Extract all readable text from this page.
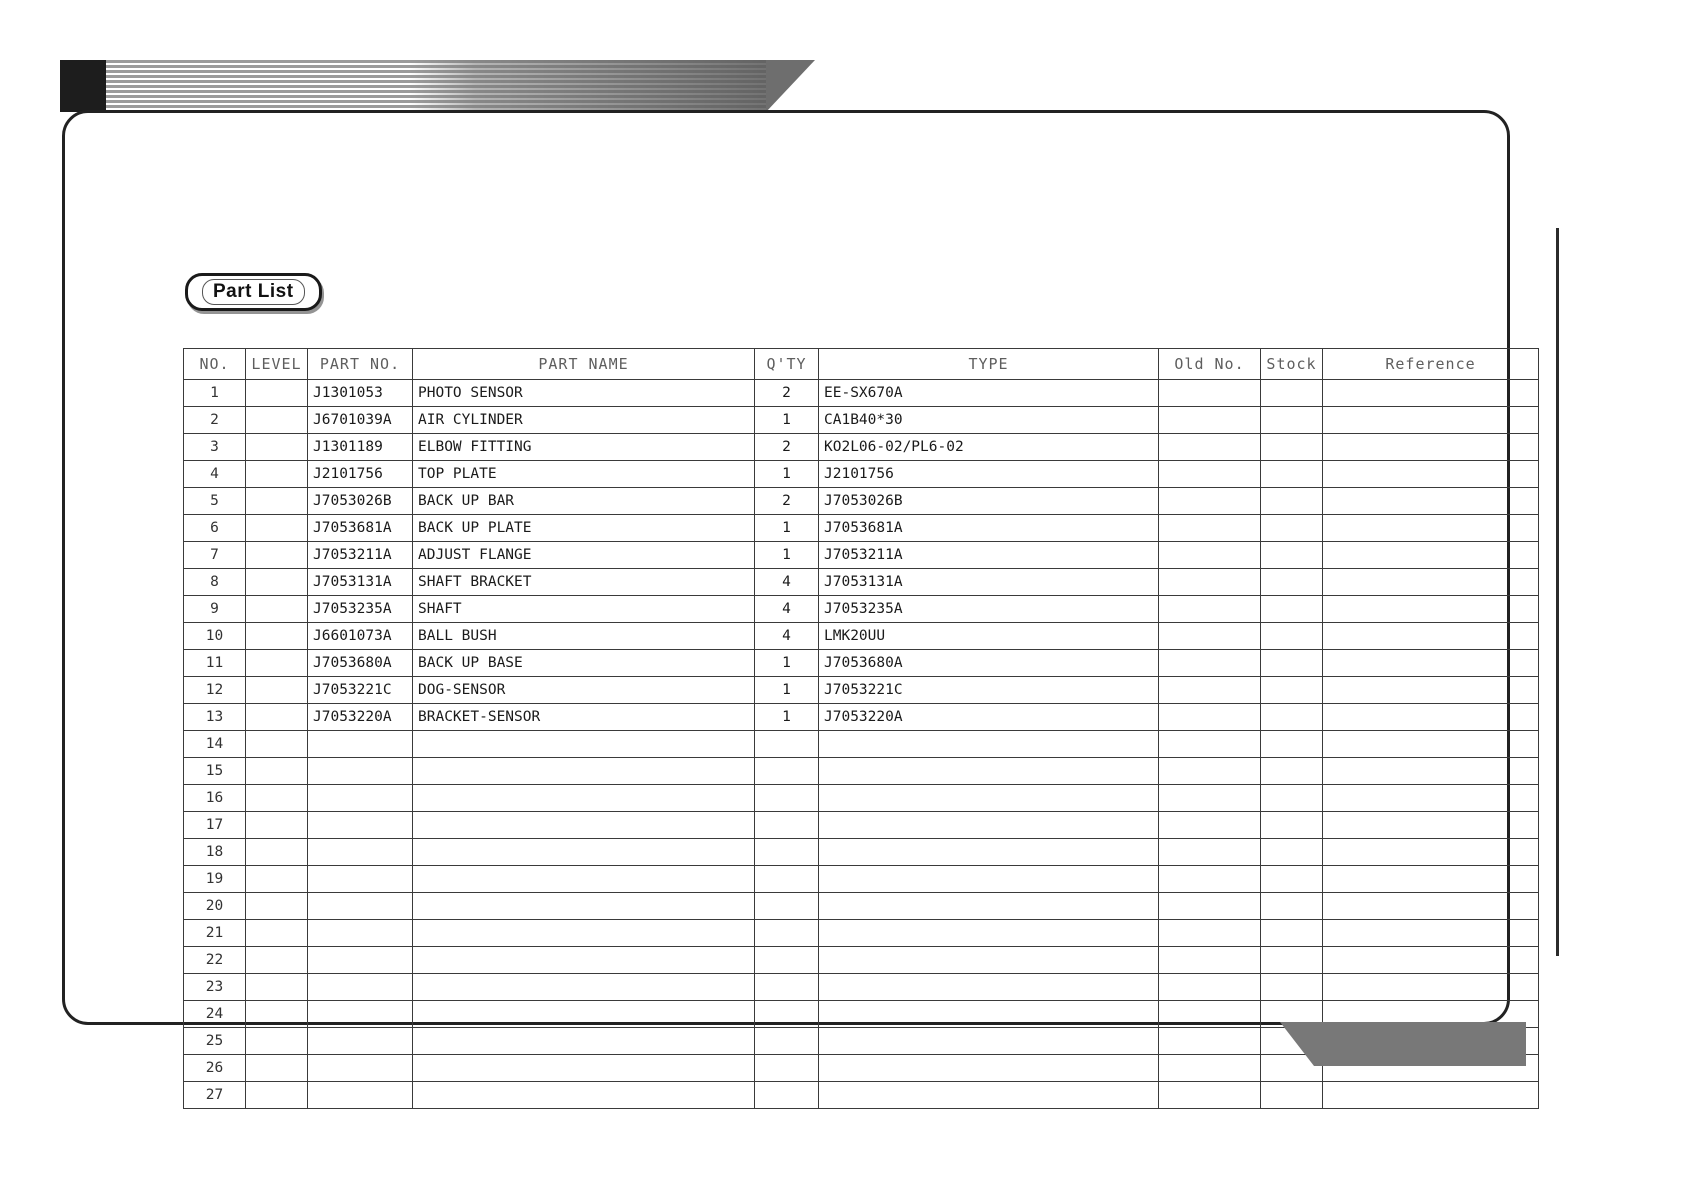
Part List
NO.	LEVEL	PART NO.	PART NAME	Q'TY	TYPE	Old No.	Stock	Reference
1		J1301053	PHOTO SENSOR	2	EE-SX670A			
2		J6701039A	AIR CYLINDER	1	CA1B40*30			
3		J1301189	ELBOW FITTING	2	KO2L06-02/PL6-02			
4		J2101756	TOP PLATE	1	J2101756			
5		J7053026B	BACK UP BAR	2	J7053026B			
6		J7053681A	BACK UP PLATE	1	J7053681A			
7		J7053211A	ADJUST FLANGE	1	J7053211A			
8		J7053131A	SHAFT BRACKET	4	J7053131A			
9		J7053235A	SHAFT	4	J7053235A			
10		J6601073A	BALL BUSH	4	LMK20UU			
11		J7053680A	BACK UP BASE	1	J7053680A			
12		J7053221C	DOG-SENSOR	1	J7053221C			
13		J7053220A	BRACKET-SENSOR	1	J7053220A			
14								
15								
16								
17								
18								
19								
20								
21								
22								
23								
24								
25								
26								
27								
